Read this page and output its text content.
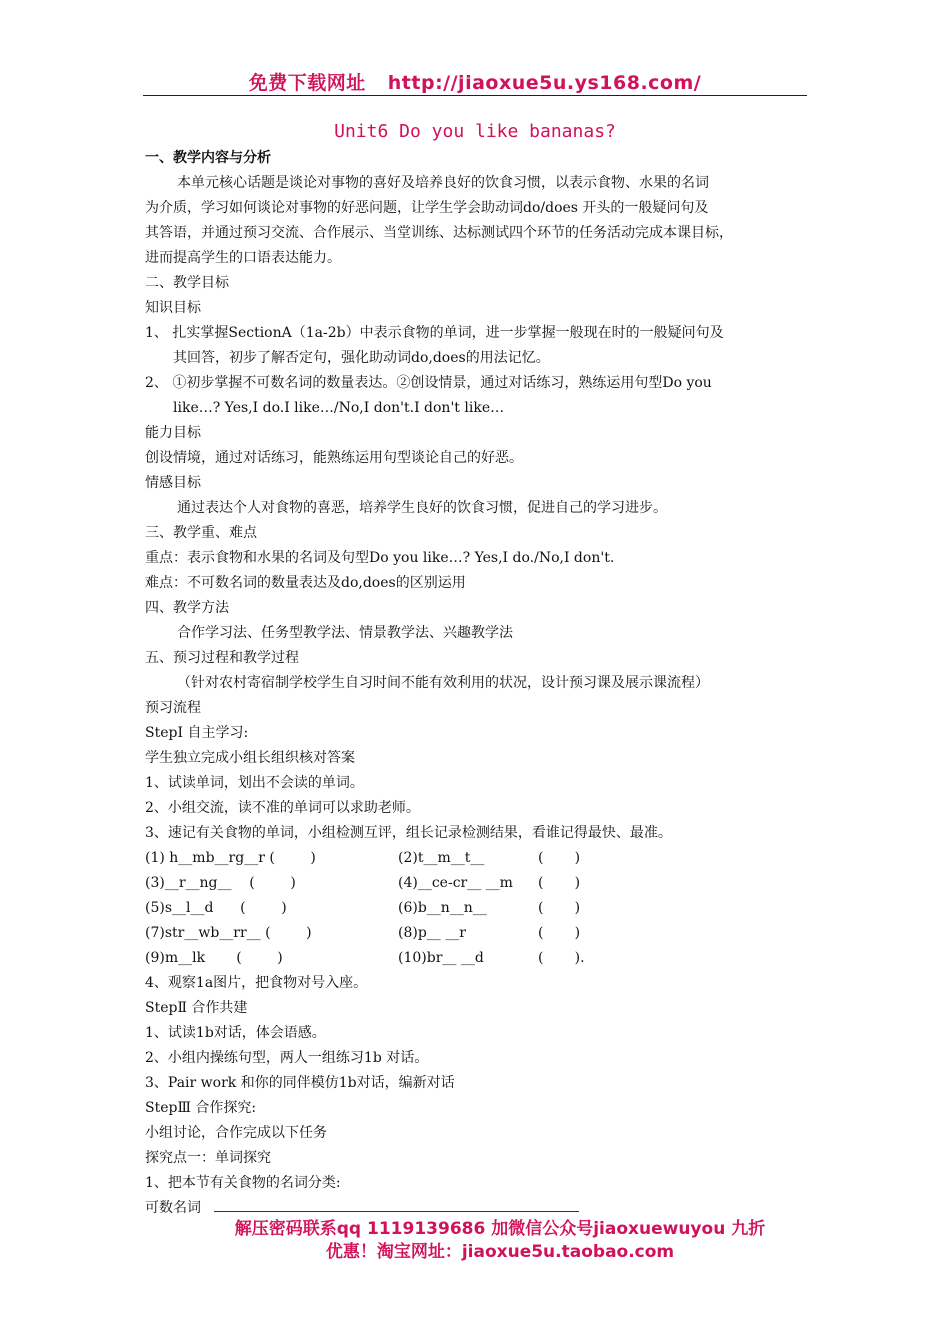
免费下载网址 http://jiaoxue5u.ys168.com/
Unit6 Do you like bananas?
一、教学内容与分析
本单元核心话题是谈论对事物的喜好及培养良好的饮食习惯，以表示食物、水果的名词
为介质，学习如何谈论对事物的好恶问题，让学生学会助动词do/does 开头的一般疑问句及
其答语，并通过预习交流、合作展示、当堂训练、达标测试四个环节的任务活动完成本课目标，
进而提高学生的口语表达能力。
二、教学目标
知识目标
1、 扎实掌握SectionA（1a-2b）中表示食物的单词，进一步掌握一般现在时的一般疑问句及
其回答，初步了解否定句，强化助动词do,does的用法记忆。
2、 ①初步掌握不可数名词的数量表达。②创设情景，通过对话练习，熟练运用句型Do you
like…? Yes,I do.I like…/No,I don't.I don't like…
能力目标
创设情境，通过对话练习，能熟练运用句型谈论自己的好恶。
情感目标
通过表达个人对食物的喜恶，培养学生良好的饮食习惯，促进自己的学习进步。
三、教学重、难点
重点：表示食物和水果的名词及句型Do you like…? Yes,I do./No,I don't.
难点：不可数名词的数量表达及do,does的区别运用
四、教学方法
合作学习法、任务型教学法、情景教学法、兴趣教学法
五、预习过程和教学过程
（针对农村寄宿制学校学生自习时间不能有效利用的状况，设计预习课及展示课流程）
预习流程
StepⅠ 自主学习:
学生独立完成小组长组织核对答案
1、试读单词，划出不会读的单词。
2、小组交流，读不准的单词可以求助老师。
3、速记有关食物的单词，小组检测互评，组长记录检测结果，看谁记得最快、最准。
(1) h__mb__rg__r (        )	(2)t__m__t__	(       )
(3)__r__ng__    (        )	(4)__ce-cr__ __m	(       )
(5)s__l__d      (        )	(6)b__n__n__	(       )
(7)str__wb__rr__ (        )	(8)p__ __r	(       )
(9)m__lk       (        )	(10)br__ __d	(       ).
4、观察1a图片，把食物对号入座。
StepⅡ 合作共建
1、试读1b对话，体会语感。
2、小组内操练句型，两人一组练习1b 对话。
3、Pair work 和你的同伴模仿1b对话，编新对话
StepⅢ 合作探究:
小组讨论，合作完成以下任务
探究点一：单词探究
1、把本节有关食物的名词分类:
可数名词
解压密码联系qq 1119139686 加微信公众号jiaoxuewuyou 九折
优惠！淘宝网址：jiaoxue5u.taobao.com
